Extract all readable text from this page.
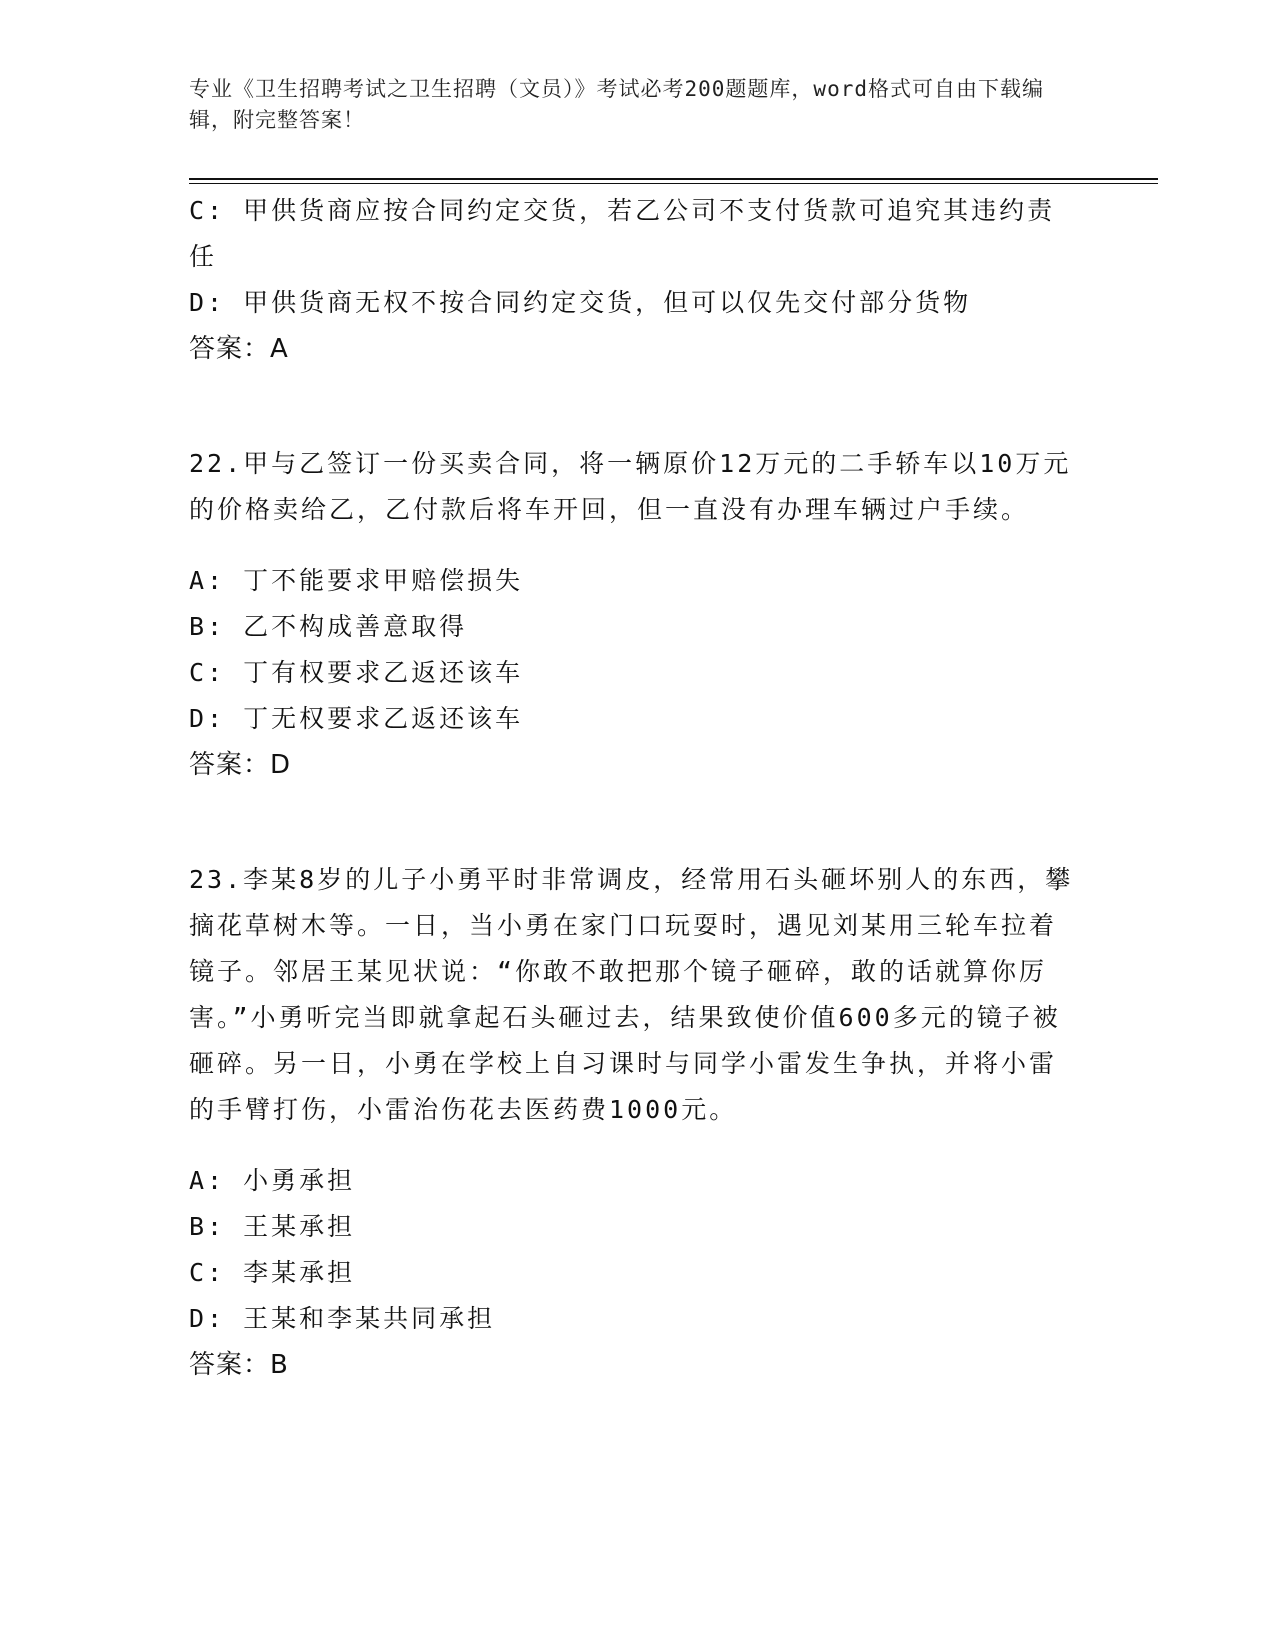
专业《卫生招聘考试之卫生招聘（文员）》考试必考200题题库，word格式可自由下载编辑，附完整答案！

C: 甲供货商应按合同约定交货，若乙公司不支付货款可追究其违约责任

D: 甲供货商无权不按合同约定交货，但可以仅先交付部分货物

答案：A

22.甲与乙签订一份买卖合同，将一辆原价12万元的二手轿车以10万元的价格卖给乙，乙付款后将车开回，但一直没有办理车辆过户手续。

A: 丁不能要求甲赔偿损失

B: 乙不构成善意取得

C: 丁有权要求乙返还该车

D: 丁无权要求乙返还该车

答案：D

23.李某8岁的儿子小勇平时非常调皮，经常用石头砸坏别人的东西，攀摘花草树木等。一日，当小勇在家门口玩耍时，遇见刘某用三轮车拉着镜子。邻居王某见状说：“你敢不敢把那个镜子砸碎，敢的话就算你厉害。”小勇听完当即就拿起石头砸过去，结果致使价值600多元的镜子被砸碎。另一日，小勇在学校上自习课时与同学小雷发生争执，并将小雷的手臂打伤，小雷治伤花去医药费1000元。

A: 小勇承担

B: 王某承担

C: 李某承担

D: 王某和李某共同承担

答案：B
